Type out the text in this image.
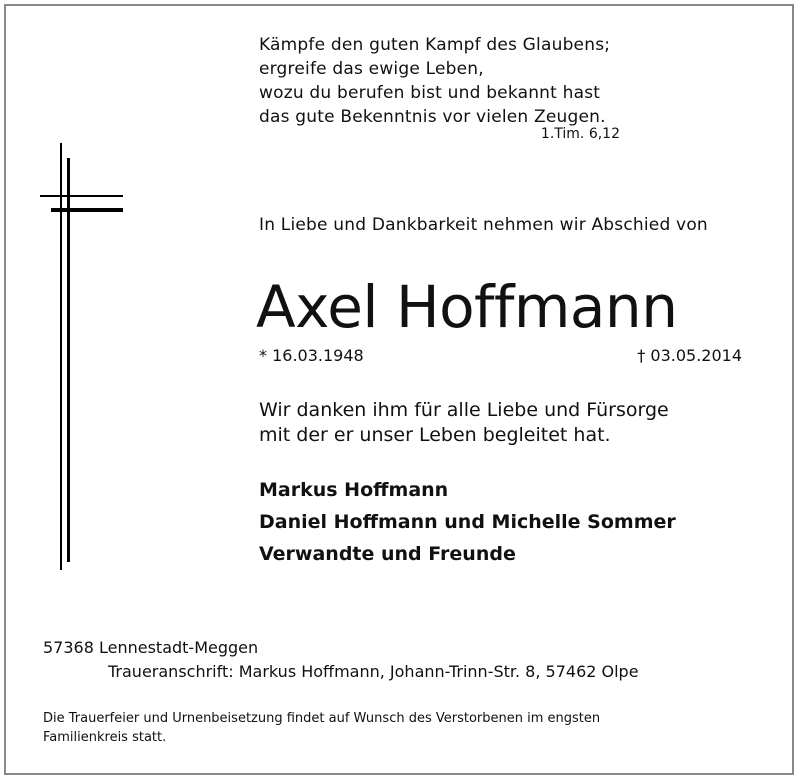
Kämpfe den guten Kampf des Glaubens;
ergreife das ewige Leben,
wozu du berufen bist und bekannt hast
das gute Bekenntnis vor vielen Zeugen.
1.Tim. 6,12
In Liebe und Dankbarkeit nehmen wir Abschied von
Axel Hoffmann
* 16.03.1948	† 03.05.2014
Wir danken ihm für alle Liebe und Fürsorge
mit der er unser Leben begleitet hat.
Markus Hoffmann
Daniel Hoffmann und Michelle Sommer
Verwandte und Freunde
57368 Lennestadt-Meggen
Traueranschrift: Markus Hoffmann, Johann-Trinn-Str. 8, 57462 Olpe
Die Trauerfeier und Urnenbeisetzung findet auf Wunsch des Verstorbenen im engsten
Familienkreis statt.
